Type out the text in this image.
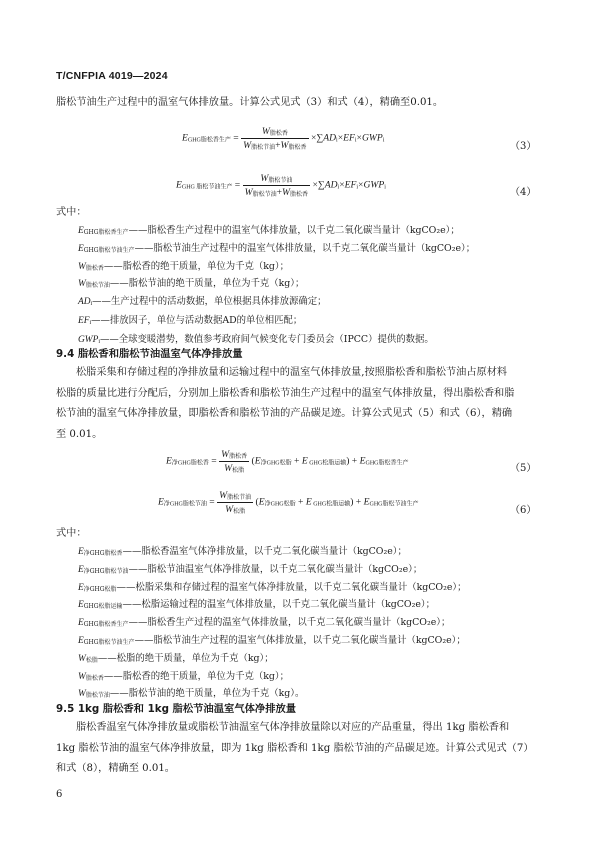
T/CNFPIA 4019—2024
脂松节油生产过程中的温室气体排放量。计算公式见式（3）和式（4），精确至0.01。
$E_{GHG脂松香生产} = \frac{W_{脂松香}}{W_{脂松节油}+W_{脂松香}} \times\sum AD_i\times EF_i\times GWP_i$
（3）
$E_{GHG 脂松节油生产} = \frac{W_{脂松节油}}{W_{脂松节油}+W_{脂松香}} \times\sum AD_i\times EF_i\times GWP_i$	（4）
式中：
$E_{GHG脂松香生产}——$脂松香生产过程中的温室气体排放量，以千克二氧化碳当量计（kgCO₂e）；
$E_{GHG脂松节油生产}——$脂松节油生产过程中的温室气体排放量，以千克二氧化碳当量计（kgCO₂e）；
$W_{脂松香}——$脂松香的绝干质量，单位为千克（kg）；
$W_{脂松节油}——$脂松节油的绝干质量，单位为千克（kg）；
$AD_i——$生产过程中的活动数据，单位根据具体排放源确定；
$EF_i——$排放因子，单位与活动数据AD的单位相匹配；
$GWP_i——$全球变暖潜势，数值参考政府间气候变化专门委员会（IPCC）提供的数据。
9.4 脂松香和脂松节油温室气体净排放量
松脂采集和存储过程的净排放量和运输过程中的温室气体排放量,按照脂松香和脂松节油占原材料
松脂的质量比进行分配后，分别加上脂松香和脂松节油生产过程中的温室气体排放量，得出脂松香和脂
松节油的温室气体净排放量，即脂松香和脂松节油的产品碳足迹。计算公式见式（5）和式（6），精确
至 0.01。
$E_{净GHG脂松香} = \frac{W_{脂松香}}{W_{松脂}} (E_{净GHG松脂} + E$ $_{GHG松脂运输}) + E_{GHG脂松香生产}$	（5）
$E_{净GHG脂松节油} = \frac{W_{脂松节油}}{W_{松脂}} (E_{净GHG松脂} + E$ $_{GHG松脂运输}) + E_{GHG脂松节油生产}$
（6）
式中：
$E_{净GHG脂松香}——$脂松香温室气体净排放量，以千克二氧化碳当量计（kgCO₂e）；
$E_{净GHG脂松节油}——$脂松节油温室气体净排放量，以千克二氧化碳当量计（kgCO₂e）；
$E_{净GHG松脂}——$松脂采集和存储过程的温室气体净排放量，以千克二氧化碳当量计（kgCO₂e）；
$E_{GHG松脂运输}——$松脂运输过程的温室气体排放量，以千克二氧化碳当量计（kgCO₂e）；
$E_{GHG脂松香生产}——$脂松香生产过程的温室气体排放量，以千克二氧化碳当量计（kgCO₂e）；
$E_{GHG脂松节油生产}——$脂松节油生产过程的温室气体排放量，以千克二氧化碳当量计（kgCO₂e）；
$W_{松脂}——$松脂的绝干质量，单位为千克（kg）；
$W_{脂松香}——$脂松香的绝干质量，单位为千克（kg）；
$W_{脂松节油}——$脂松节油的绝干质量，单位为千克（kg）。
9.5 1kg 脂松香和 1kg 脂松节油温室气体净排放量
脂松香温室气体净排放量或脂松节油温室气体净排放量除以对应的产品重量，得出 1kg 脂松香和
1kg 脂松节油的温室气体净排放量，即为 1kg 脂松香和 1kg 脂松节油的产品碳足迹。计算公式见式（7）
和式（8），精确至 0.01。
6
